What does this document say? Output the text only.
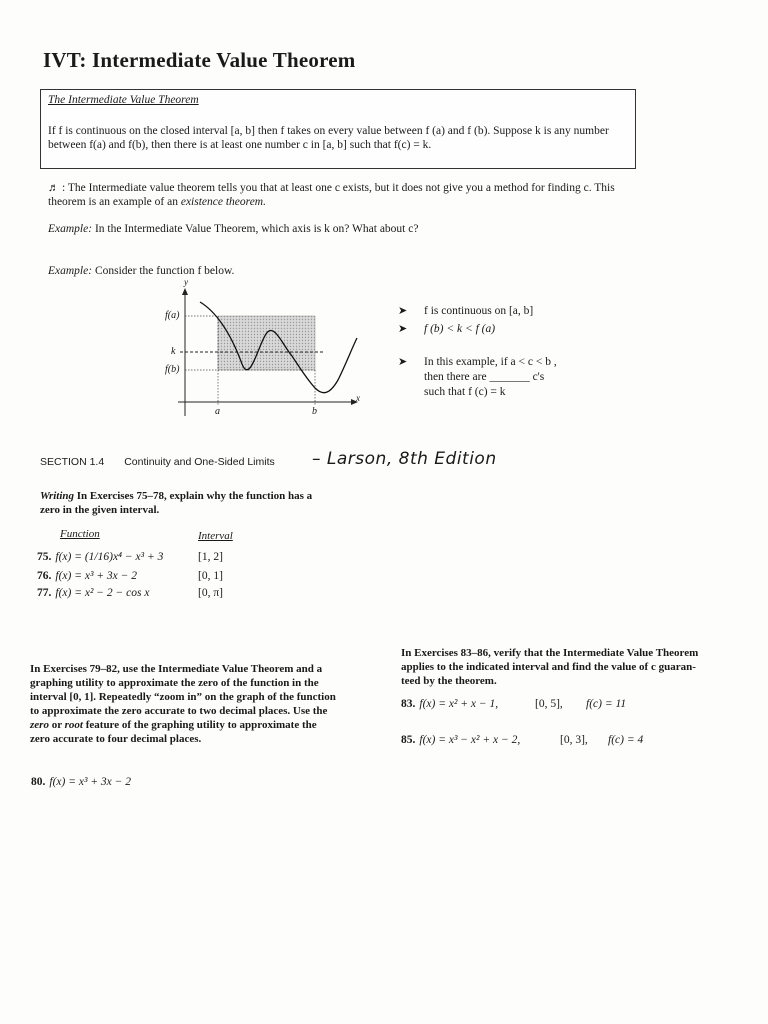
IVT: Intermediate Value Theorem
The Intermediate Value Theorem
If f is continuous on the closed interval [a, b] then f takes on every value between f (a) and f (b). Suppose k is any number
between f(a) and f(b), then there is at least one number c in [a, b] such that f(c) = k.
♬ : The Intermediate value theorem tells you that at least one c exists, but it does not give you a method for finding c. This
theorem is an example of an existence theorem.
Example: In the Intermediate Value Theorem, which axis is k on? What about c?
Example: Consider the function f below.
y
f(a)
k
f(b)
a	b
x
➤ f is continuous on [a, b]
➤ f (b) < k < f (a)
➤ In this example, if a < c < b ,
then there are _______ c's
such that f (c) = k
SECTION 1.4 Continuity and One-Sided Limits – Larson, 8th Edition
Writing In Exercises 75–78, explain why the function has a
zero in the given interval.
Function	Interval
75. f(x) = (1/16)x⁴ − x³ + 3	[1, 2]
76. f(x) = x³ + 3x − 2	[0, 1]
77. f(x) = x² − 2 − cos x	[0, π]
In Exercises 79–82, use the Intermediate Value Theorem and a
graphing utility to approximate the zero of the function in the
interval [0, 1]. Repeatedly “zoom in” on the graph of the function
to approximate the zero accurate to two decimal places. Use the
zero or root feature of the graphing utility to approximate the
zero accurate to four decimal places.
80. f(x) = x³ + 3x − 2
In Exercises 83–86, verify that the Intermediate Value Theorem
applies to the indicated interval and find the value of c guaran-
teed by the theorem.
83. f(x) = x² + x − 1,	[0, 5], f(c) = 11
85. f(x) = x³ − x² + x − 2,	[0, 3], f(c) = 4
